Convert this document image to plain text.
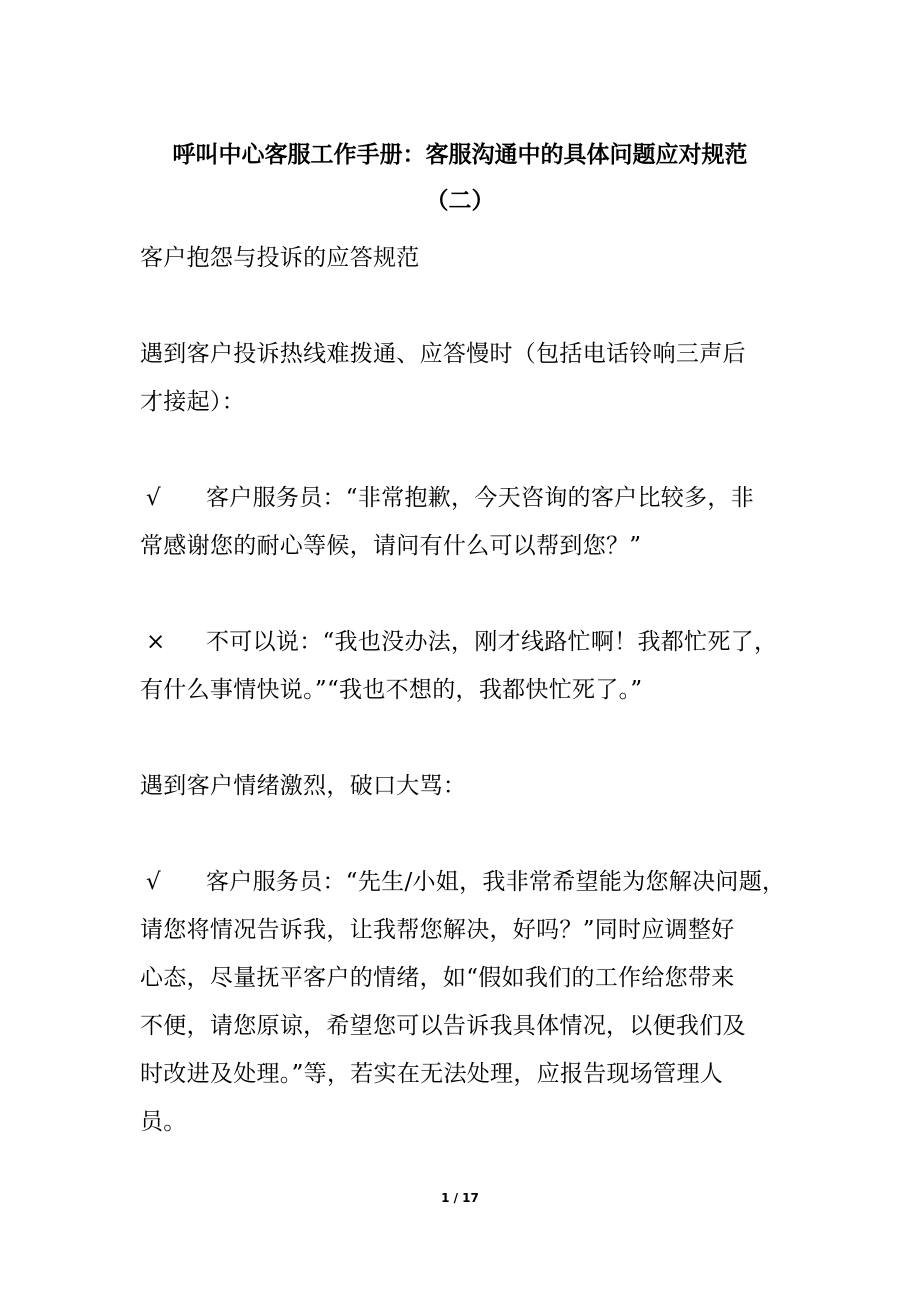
呼叫中心客服工作手册：客服沟通中的具体问题应对规范
（二）

客户抱怨与投诉的应答规范

遇到客户投诉热线难拨通、应答慢时（包括电话铃响三声后
才接起）：
√ 客户服务员：“非常抱歉，今天咨询的客户比较多，非
常感谢您的耐心等候，请问有什么可以帮到您？”
× 不可以说：“我也没办法，刚才线路忙啊！我都忙死了，
有什么事情快说。”“我也不想的，我都快忙死了。”

遇到客户情绪激烈，破口大骂：

√ 客户服务员：“先生/小姐，我非常希望能为您解决问题，
请您将情况告诉我，让我帮您解决，好吗？”同时应调整好
心态，尽量抚平客户的情绪，如“假如我们的工作给您带来
不便，请您原谅，希望您可以告诉我具体情况，以便我们及
时改进及处理。”等，若实在无法处理，应报告现场管理人
员。
1 / 17
